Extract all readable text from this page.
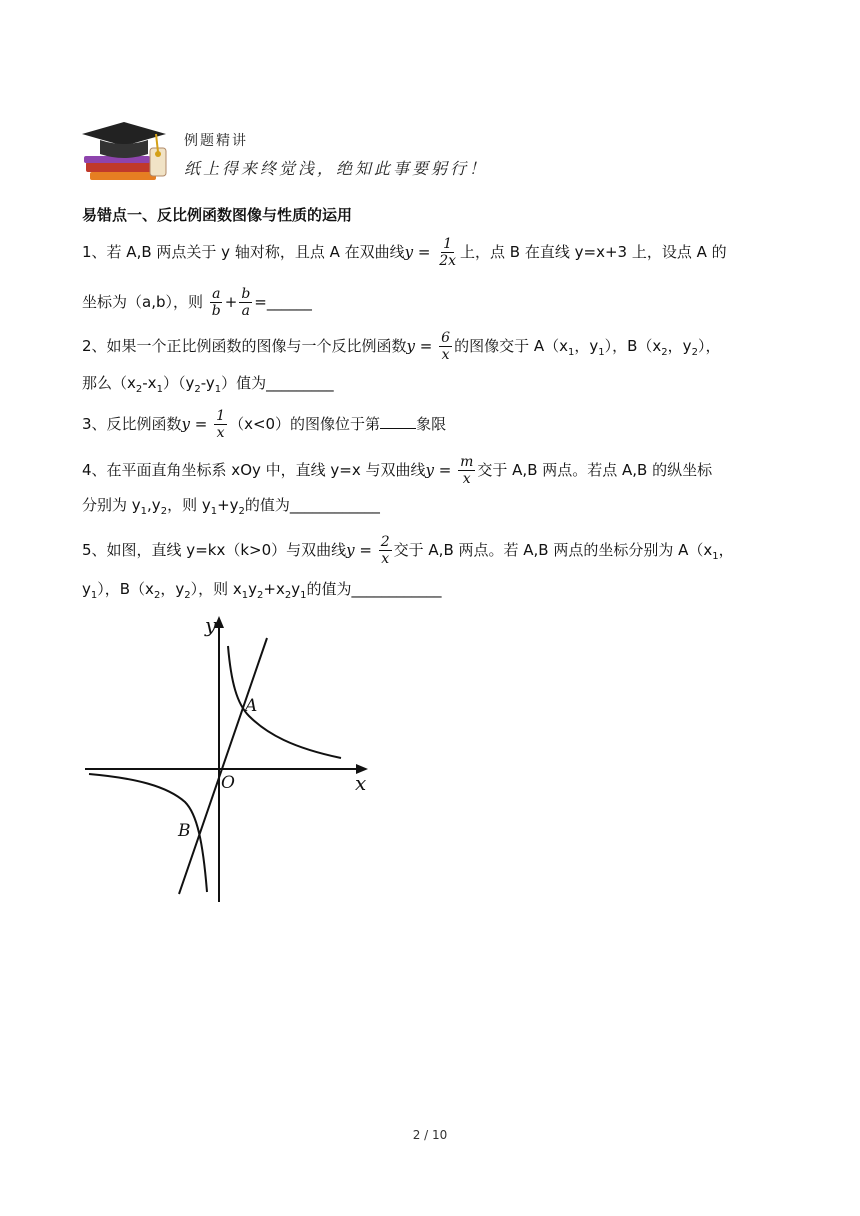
例题精讲
纸上得来终觉浅，绝知此事要躬行！
易错点一、反比例函数图像与性质的运用
1、若 A,B 两点关于 y 轴对称，且点 A 在双曲线$y = \frac{1}{2x}$ 上，点 B 在直线 y=x+3 上，设点 A 的
坐标为（a,b），则 $\frac{a}{b} + \frac{b}{a}$ =______
2、如果一个正比例函数的图像与一个反比例函数$y = \frac{6}{x}$ 的图像交于 $A(x_1$，$y_1$），$B(x_2$，$y_2$），
那么$(x_2-x_1)(y_2-y_1)$值为_________
3、反比例函数$y = \frac{1}{x} (x<0)$的图像位于第 象限
4、在平面直角坐标系 xOy 中，直线 y=x 与双曲线$y = \frac{m}{x}$ 交于 A,B 两点。若点 A,B 的纵坐标
分别为 $y_1,y_2$，则 $y_1+y_2$的值为____________
5、如图，直线 y=kx（k>0）与双曲线$y = \frac{2}{x}$ 交于 A,B 两点。若 A,B 两点的坐标分别为 $A(x_1$，
$y_1$），$B(x_2$，$y_2$），则 $x_1y_2+x_2y_1$的值为____________
y
x
O
A
B
2 / 10
